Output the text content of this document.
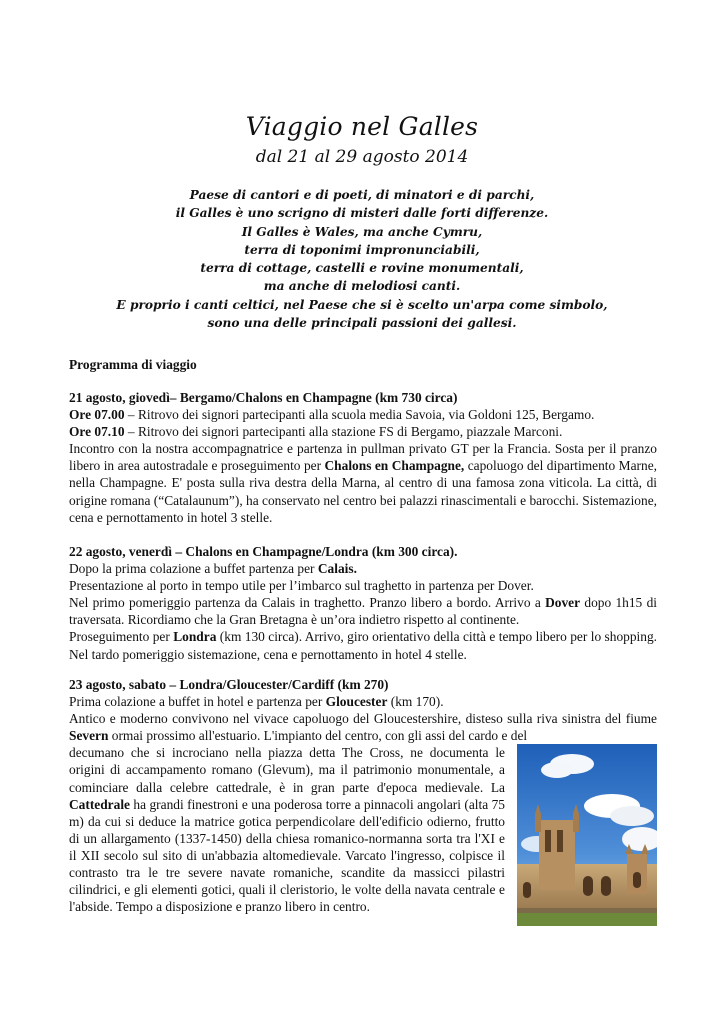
Viaggio nel Galles
dal 21 al 29 agosto 2014
Paese di cantori e di poeti, di minatori e di parchi,
il Galles è uno scrigno di misteri dalle forti differenze.
Il Galles è Wales, ma anche Cymru,
terra di toponimi impronunciabili,
terra di cottage, castelli e rovine monumentali,
ma anche di melodiosi canti.
E proprio i canti celtici, nel Paese che si è scelto un'arpa come simbolo,
sono una delle principali passioni dei gallesi.
Programma di viaggio

21 agosto, giovedì– Bergamo/Chalons en Champagne (km 730 circa)

Ore 07.00 – Ritrovo dei signori partecipanti alla scuola media Savoia, via Goldoni 125, Bergamo.

Ore 07.10 – Ritrovo dei signori partecipanti alla stazione FS di Bergamo, piazzale Marconi.

Incontro con la nostra accompagnatrice e partenza in pullman privato GT per la Francia. Sosta per il pranzo libero in area autostradale e proseguimento per Chalons en Champagne, capoluogo del dipartimento Marne, nella Champagne. E' posta sulla riva destra della Marna, al centro di una famosa zona viticola. La città, di origine romana (“Catalaunum”), ha conservato nel centro bei palazzi rinascimentali e barocchi. Sistemazione, cena e pernottamento in hotel 3 stelle.

22 agosto, venerdì – Chalons en Champagne/Londra (km 300 circa).

Dopo la prima colazione a buffet partenza per Calais.

Presentazione al porto in tempo utile per l’imbarco sul traghetto in partenza per Dover.

Nel primo pomeriggio partenza da Calais in traghetto. Pranzo libero a bordo. Arrivo a Dover dopo 1h15 di traversata. Ricordiamo che la Gran Bretagna è un’ora indietro rispetto al continente.

Proseguimento per Londra (km 130 circa). Arrivo, giro orientativo della città e tempo libero per lo shopping. Nel tardo pomeriggio sistemazione, cena e pernottamento in hotel 4 stelle.

23 agosto, sabato – Londra/Gloucester/Cardiff (km 270)

Prima colazione a buffet in hotel e partenza per Gloucester (km 170).

Antico e moderno convivono nel vivace capoluogo del Gloucestershire, disteso sulla riva sinistra del fiume Severn ormai prossimo all'estuario. L'impianto del centro, con gli assi del cardo e del

decumano che si incrociano nella piazza detta The Cross, ne documenta le origini di accampamento romano (Glevum), ma il patrimonio monumentale, a cominciare dalla celebre cattedrale, è in gran parte d'epoca medievale. La Cattedrale ha grandi finestroni e una poderosa torre a pinnacoli angolari (alta 75 m) da cui si deduce la matrice gotica perpendicolare dell'edificio odierno, frutto di un allargamento (1337-1450) della chiesa romanico-normanna sorta tra l'XI e il XII secolo sul sito di un'abbazia altomedievale. Varcato l'ingresso, colpisce il contrasto tra le tre severe navate romaniche, scandite da massicci pilastri cilindrici, e gli elementi gotici, quali il cleristorio, le volte della navata centrale e l'abside. Tempo a disposizione e pranzo libero in centro.
